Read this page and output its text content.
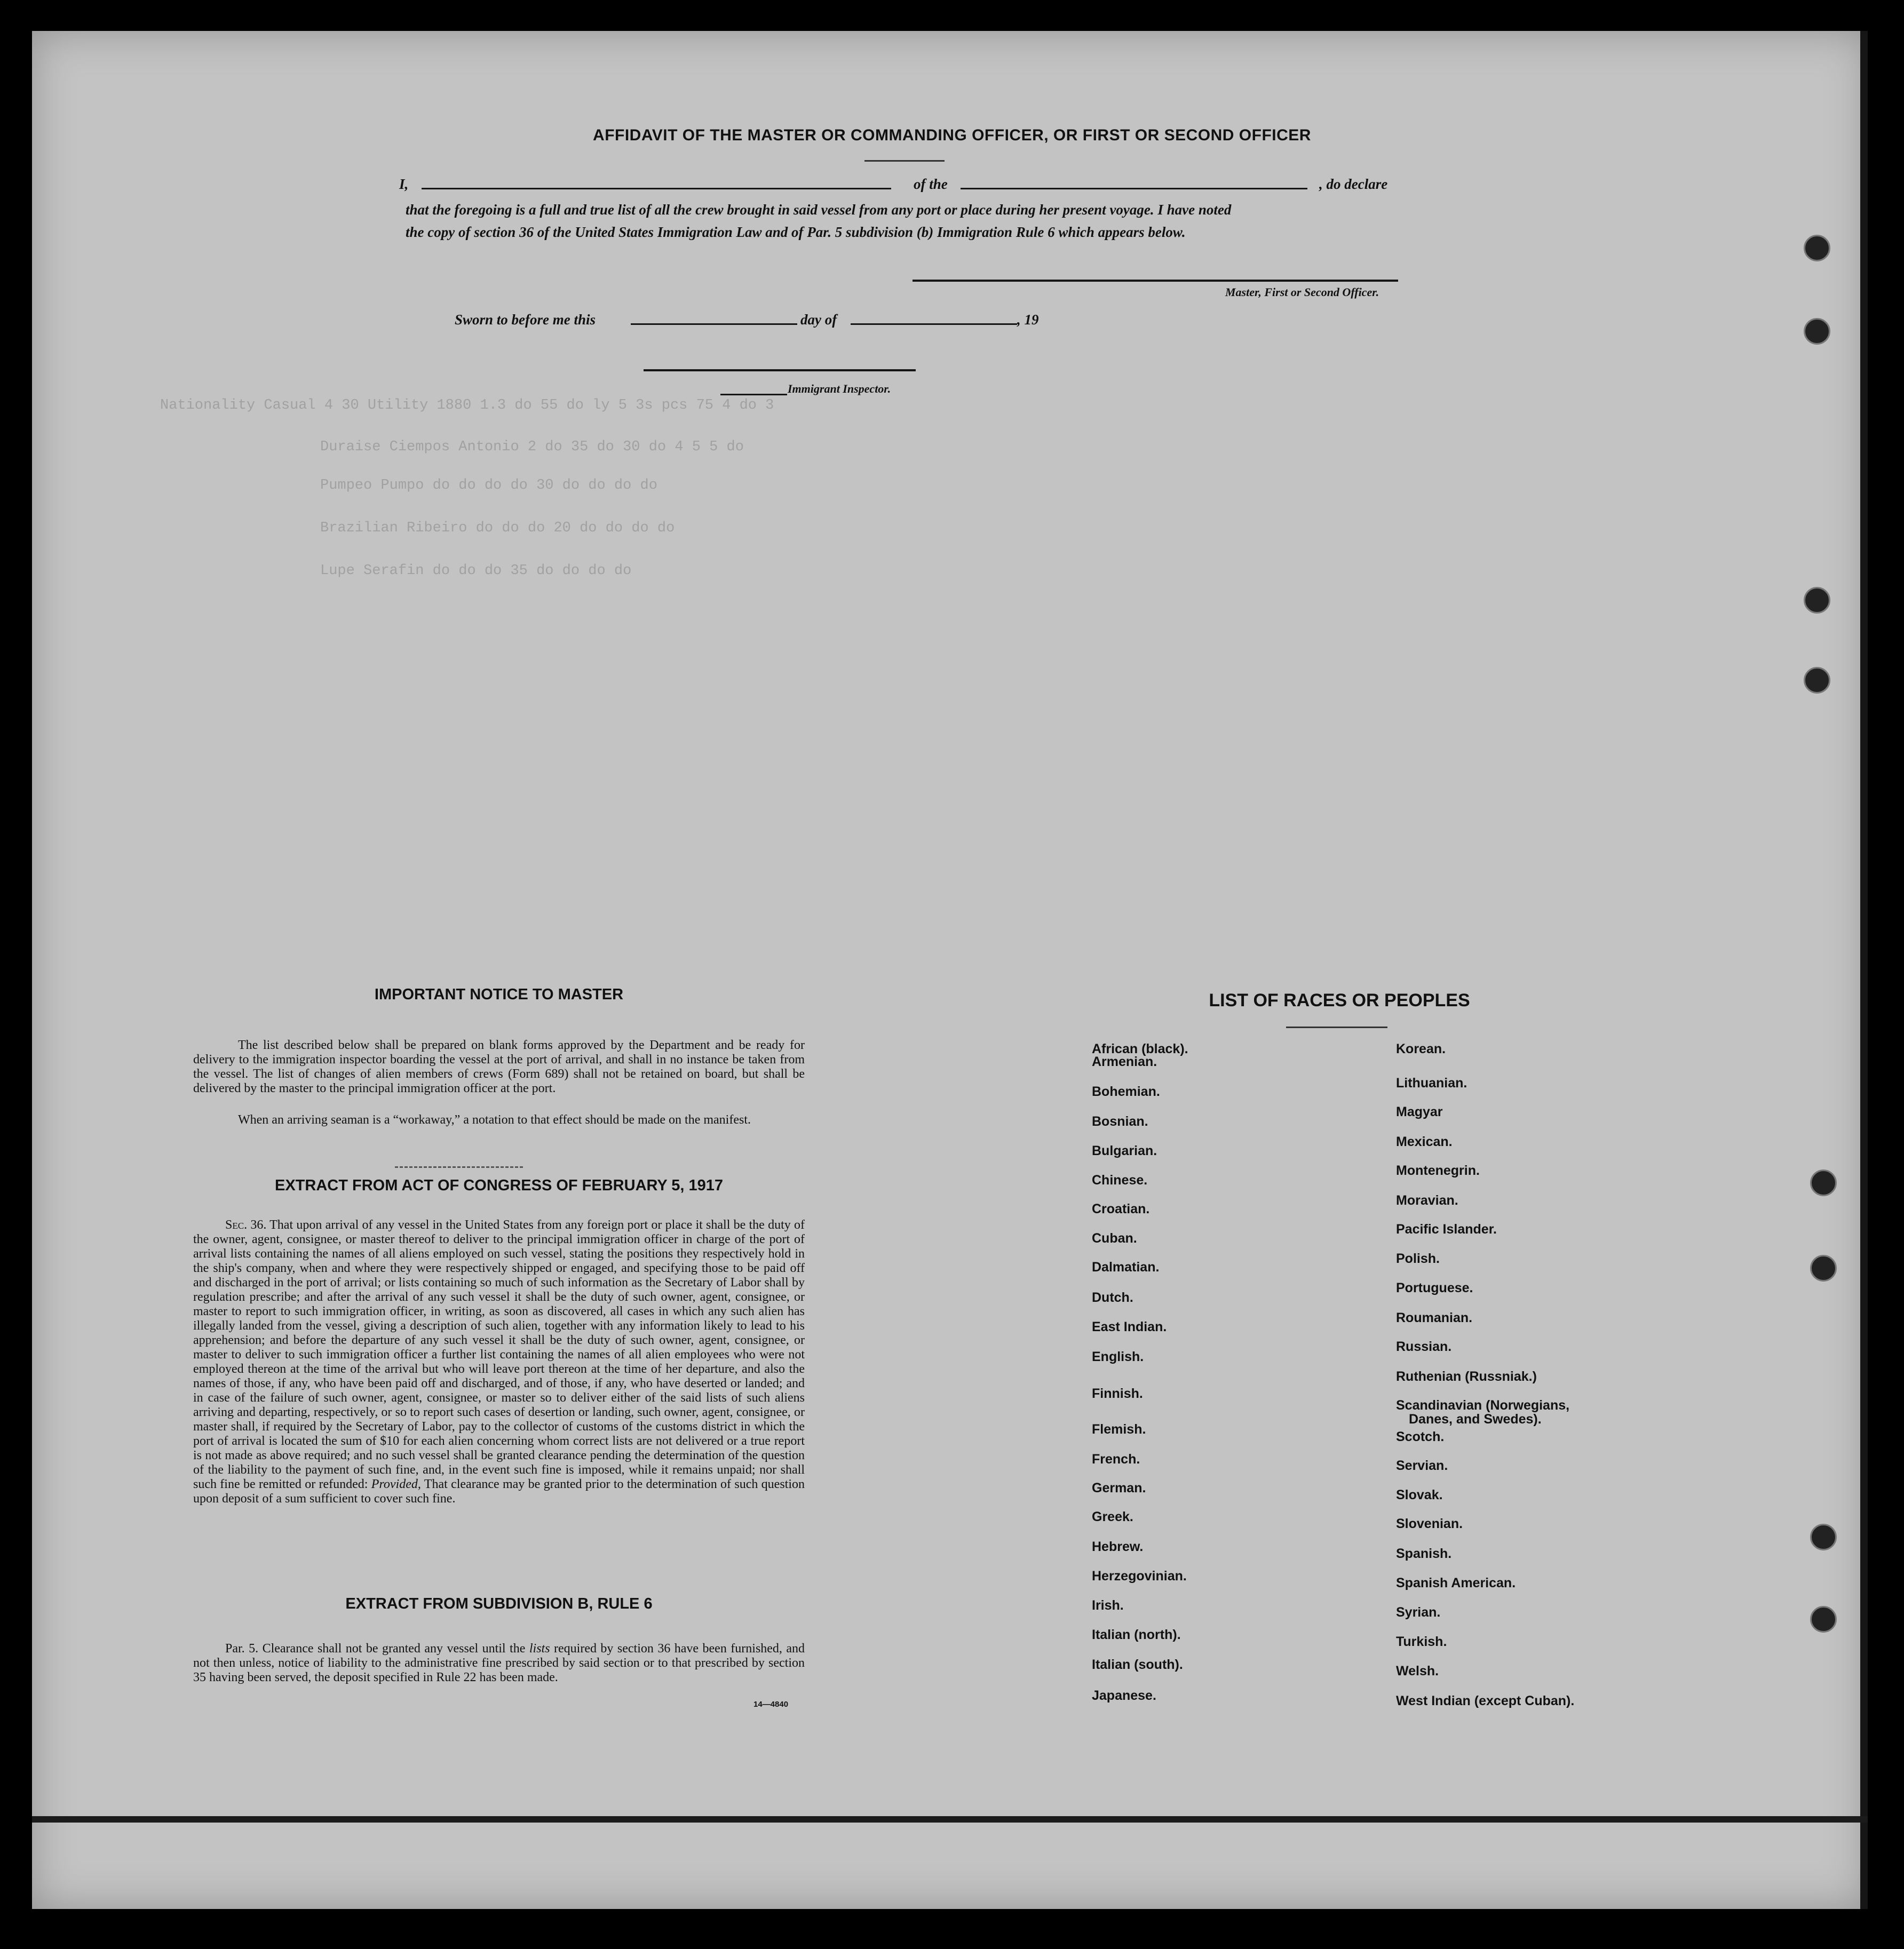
Nationality Casual 4 30 Utility 1880 1.3 do 55 do ly 5 3s pcs 75 4 do 3
Duraise Ciempos Antonio 2 do 35 do 30 do 4 5 5 do
Pumpeo Pumpo do do do do 30 do do do do
Brazilian Ribeiro do do do 20 do do do do
Lupe Serafin do do do 35 do do do do
AFFIDAVIT OF THE MASTER OR COMMANDING OFFICER, OR FIRST OR SECOND OFFICER
I,	of the	, do declare
that the foregoing is a full and true list of all the crew brought in said vessel from any port or place during her present voyage. I have noted
the copy of section 36 of the United States Immigration Law and of Par. 5 subdivision (b) Immigration Rule 6 which appears below.
Master, First or Second Officer.
Sworn to before me this	day of	, 19
Immigrant Inspector.
IMPORTANT NOTICE TO MASTER
The list described below shall be prepared on blank forms approved by the Department and be ready for delivery to the immigration inspector boarding the vessel at the port of arrival, and shall in no instance be taken from the vessel. The list of changes of alien members of crews (Form 689) shall not be retained on board, but shall be delivered by the master to the principal immigration officer at the port.
When an arriving seaman is a “workaway,” a notation to that effect should be made on the manifest.
EXTRACT FROM ACT OF CONGRESS OF FEBRUARY 5, 1917
Sec. 36. That upon arrival of any vessel in the United States from any foreign port or place it shall be the duty of the owner, agent, consignee, or master thereof to deliver to the principal immigration officer in charge of the port of arrival lists containing the names of all aliens employed on such vessel, stating the positions they respectively hold in the ship's company, when and where they were respectively shipped or engaged, and specifying those to be paid off and discharged in the port of arrival; or lists containing so much of such information as the Secretary of Labor shall by regulation prescribe; and after the arrival of any such vessel it shall be the duty of such owner, agent, consignee, or master to report to such immigration officer, in writing, as soon as discovered, all cases in which any such alien has illegally landed from the vessel, giving a description of such alien, together with any information likely to lead to his apprehension; and before the departure of any such vessel it shall be the duty of such owner, agent, consignee, or master to deliver to such immigration officer a further list containing the names of all alien employees who were not employed thereon at the time of the arrival but who will leave port thereon at the time of her departure, and also the names of those, if any, who have been paid off and discharged, and of those, if any, who have deserted or landed; and in case of the failure of such owner, agent, consignee, or master so to deliver either of the said lists of such aliens arriving and departing, respectively, or so to report such cases of desertion or landing, such owner, agent, consignee, or master shall, if required by the Secretary of Labor, pay to the collector of customs of the customs district in which the port of arrival is located the sum of $10 for each alien concerning whom correct lists are not delivered or a true report is not made as above required; and no such vessel shall be granted clearance pending the determination of the question of the liability to the payment of such fine, and, in the event such fine is imposed, while it remains unpaid; nor shall such fine be remitted or refunded: Provided, That clearance may be granted prior to the determination of such question upon deposit of a sum sufficient to cover such fine.
EXTRACT FROM SUBDIVISION B, RULE 6
Par. 5. Clearance shall not be granted any vessel until the lists required by section 36 have been furnished, and not then unless, notice of liability to the administrative fine prescribed by said section or to that prescribed by section 35 having been served, the deposit specified in Rule 22 has been made.
14—4840
LIST OF RACES OR PEOPLES
African (black).
Armenian.
Bohemian.
Bosnian.
Bulgarian.
Chinese.
Croatian.
Cuban.
Dalmatian.
Dutch.
East Indian.
English.
Finnish.
Flemish.
French.
German.
Greek.
Hebrew.
Herzegovinian.
Irish.
Italian (north).
Italian (south).
Japanese.
Korean.
Lithuanian.
Magyar
Mexican.
Montenegrin.
Moravian.
Pacific Islander.
Polish.
Portuguese.
Roumanian.
Russian.
Ruthenian (Russniak.)
Scandinavian (Norwegians,
Scotch.
Servian.
Slovak.
Slovenian.
Spanish.
Spanish American.
Syrian.
Turkish.
Welsh.
West Indian (except Cuban).
Danes, and Swedes).
